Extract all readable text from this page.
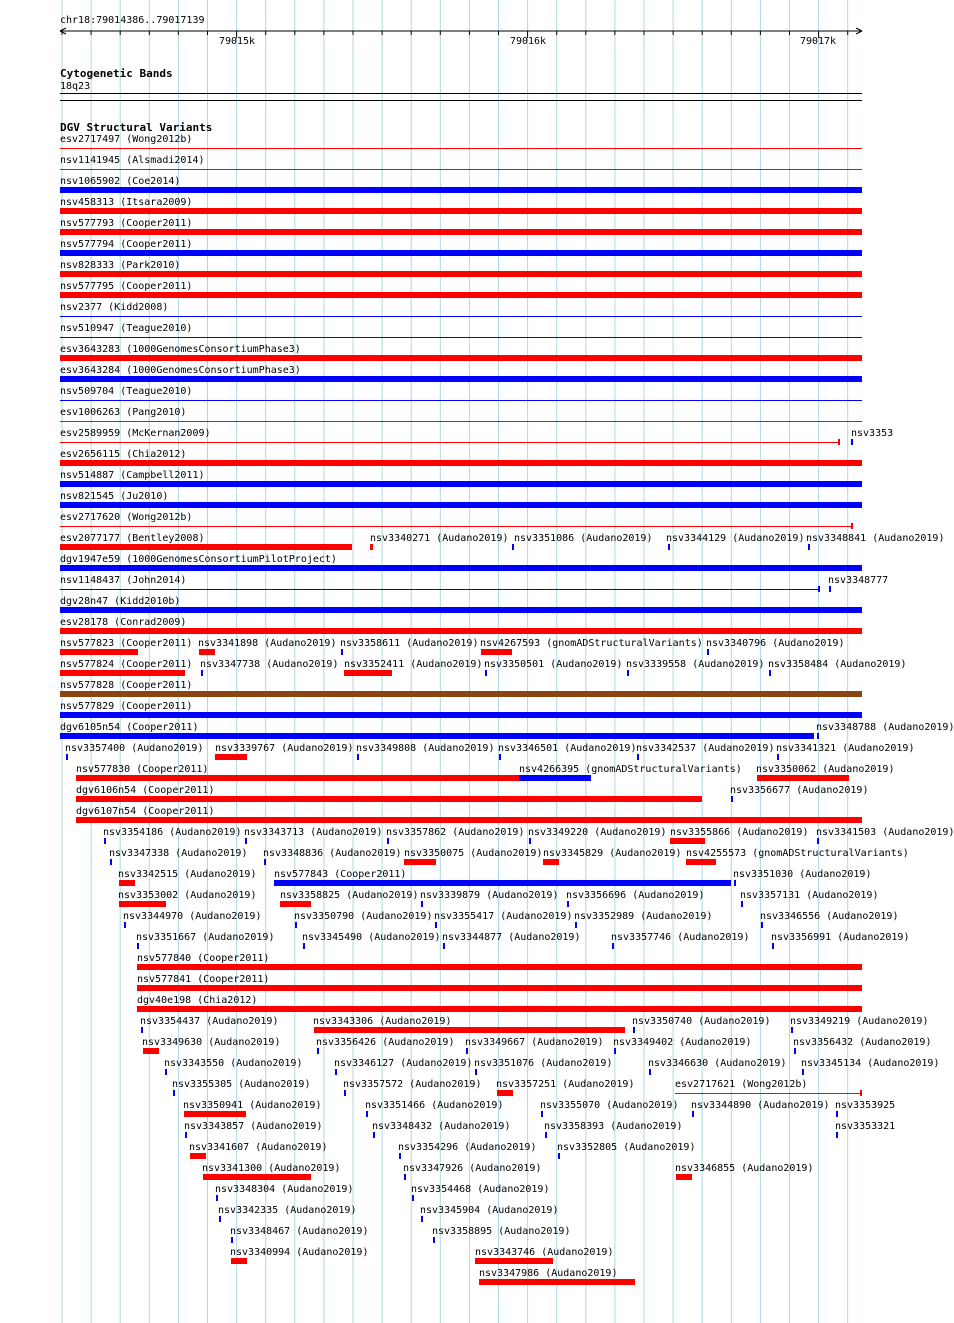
79015k	79016k	79017k
chr18:79014386..79017139
Cytogenetic Bands
18q23
DGV Structural Variants
esv2717497 (Wong2012b)
nsv1141945 (Alsmadi2014)
nsv1065902 (Coe2014)
nsv458313 (Itsara2009)
nsv577793 (Cooper2011)
nsv577794 (Cooper2011)
nsv828333 (Park2010)
nsv577795 (Cooper2011)
nsv2377 (Kidd2008)
nsv510947 (Teague2010)
esv3643283 (1000GenomesConsortiumPhase3)
esv3643284 (1000GenomesConsortiumPhase3)
nsv509704 (Teague2010)
esv1006263 (Pang2010)
esv2589959 (McKernan2009)	nsv3353
esv2656115 (Chia2012)
nsv514887 (Campbell2011)
nsv821545 (Ju2010)
esv2717620 (Wong2012b)
esv2077177 (Bentley2008)	nsv3340271 (Audano2019) nsv3351086 (Audano2019) nsv3344129 (Audano2019) nsv3348841 (Audano2019)
dgv1947e59 (1000GenomesConsortiumPilotProject)
nsv1148437 (John2014)	nsv3348777
dgv28n47 (Kidd2010b)
esv28178 (Conrad2009)
nsv577823 (Cooper2011) nsv3341898 (Audano2019) nsv3358611 (Audano2019) nsv4267593 (gnomADStructuralVariants) nsv3340796 (Audano2019)
nsv577824 (Cooper2011) nsv3347738 (Audano2019) nsv3352411 (Audano2019) nsv3350501 (Audano2019) nsv3339558 (Audano2019) nsv3358484 (Audano2019)
nsv577828 (Cooper2011)
nsv577829 (Cooper2011)
dgv6105n54 (Cooper2011)	nsv3348788 (Audano2019)
nsv3357400 (Audano2019) nsv3339767 (Audano2019) nsv3349808 (Audano2019) nsv3346501 (Audano2019) nsv3342537 (Audano2019) nsv3341321 (Audano2019)
nsv577830 (Cooper2011)	nsv4266395 (gnomADStructuralVariants) nsv3350062 (Audano2019)
dgv6106n54 (Cooper2011)	nsv3356677 (Audano2019)
dgv6107n54 (Cooper2011)
nsv3354186 (Audano2019) nsv3343713 (Audano2019) nsv3357862 (Audano2019) nsv3349220 (Audano2019) nsv3355866 (Audano2019) nsv3341503 (Audano2019)
nsv3347338 (Audano2019) nsv3348836 (Audano2019) nsv3350075 (Audano2019) nsv3345829 (Audano2019) nsv4255573 (gnomADStructuralVariants)
nsv3342515 (Audano2019) nsv577843 (Cooper2011)	nsv3351030 (Audano2019)
nsv3353002 (Audano2019) nsv3358825 (Audano2019) nsv3339879 (Audano2019) nsv3356696 (Audano2019)	nsv3357131 (Audano2019)
nsv3344970 (Audano2019)	nsv3350790 (Audano2019) nsv3355417 (Audano2019) nsv3352989 (Audano2019)	nsv3346556 (Audano2019)
nsv3351667 (Audano2019)	nsv3345490 (Audano2019) nsv3344877 (Audano2019)	nsv3357746 (Audano2019) nsv3356991 (Audano2019)
nsv577840 (Cooper2011)
nsv577841 (Cooper2011)
dgv40e198 (Chia2012)
nsv3354437 (Audano2019)	nsv3343306 (Audano2019)	nsv3350740 (Audano2019) nsv3349219 (Audano2019)
nsv3349630 (Audano2019)	nsv3356426 (Audano2019) nsv3349667 (Audano2019) nsv3349402 (Audano2019)	nsv3356432 (Audano2019)
nsv3343550 (Audano2019)	nsv3346127 (Audano2019) nsv3351076 (Audano2019)	nsv3346630 (Audano2019) nsv3345134 (Audano2019)
nsv3355305 (Audano2019)	nsv3357572 (Audano2019) nsv3357251 (Audano2019)	esv2717621 (Wong2012b)
nsv3350941 (Audano2019)	nsv3351466 (Audano2019)	nsv3355070 (Audano2019) nsv3344890 (Audano2019) nsv3353925
nsv3343857 (Audano2019)	nsv3348432 (Audano2019)	nsv3358393 (Audano2019)	nsv3353321
nsv3341607 (Audano2019)	nsv3354296 (Audano2019) nsv3352805 (Audano2019)
nsv3341300 (Audano2019)	nsv3347926 (Audano2019)	nsv3346855 (Audano2019)
nsv3348304 (Audano2019)	nsv3354468 (Audano2019)
nsv3342335 (Audano2019)	nsv3345904 (Audano2019)
nsv3348467 (Audano2019)	nsv3358895 (Audano2019)
nsv3340994 (Audano2019)	nsv3343746 (Audano2019)
nsv3347986 (Audano2019)
